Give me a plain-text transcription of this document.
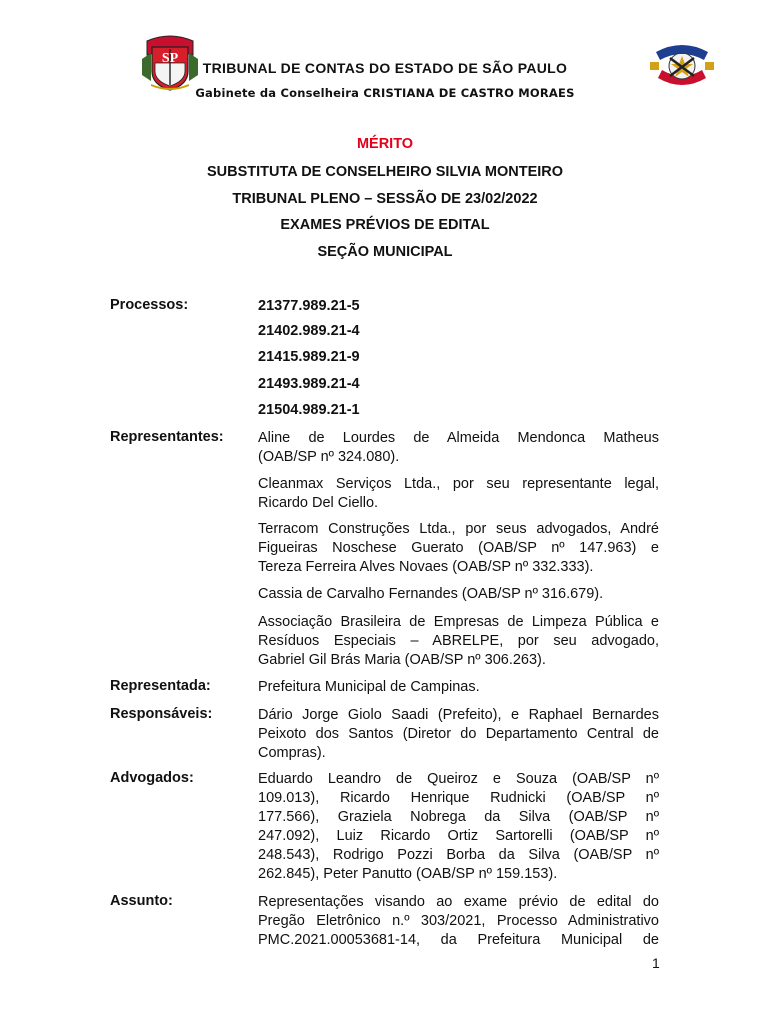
SP
TRIBUNAL DE CONTAS DO ESTADO DE SÃO PAULO
Gabinete da Conselheira CRISTIANA DE CASTRO MORAES
MÉRITO
SUBSTITUTA DE CONSELHEIRO SILVIA MONTEIRO
TRIBUNAL PLENO – SESSÃO DE 23/02/2022
EXAMES PRÉVIOS DE EDITAL
SEÇÃO MUNICIPAL
Processos:	21377.989.21-5
21402.989.21-4
21415.989.21-9
21493.989.21-4
21504.989.21-1
Representantes: Aline de Lourdes de Almeida Mendonca Matheus
(OAB/SP nº 324.080).
Cleanmax Serviços Ltda., por seu representante legal,
Ricardo Del Ciello.
Terracom Construções Ltda., por seus advogados, André
Figueiras Noschese Guerato (OAB/SP nº 147.963) e
Tereza Ferreira Alves Novaes (OAB/SP nº 332.333).
Cassia de Carvalho Fernandes (OAB/SP nº 316.679).
Associação Brasileira de Empresas de Limpeza Pública e
Resíduos Especiais – ABRELPE, por seu advogado,
Gabriel Gil Brás Maria (OAB/SP nº 306.263).
Representada:	Prefeitura Municipal de Campinas.
Responsáveis:	Dário Jorge Giolo Saadi (Prefeito), e Raphael Bernardes
Peixoto dos Santos (Diretor do Departamento Central de
Compras).
Advogados:	Eduardo Leandro de Queiroz e Souza (OAB/SP nº
109.013), Ricardo Henrique Rudnicki (OAB/SP nº
177.566), Graziela Nobrega da Silva (OAB/SP nº
247.092), Luiz Ricardo Ortiz Sartorelli (OAB/SP nº
248.543), Rodrigo Pozzi Borba da Silva (OAB/SP nº
262.845), Peter Panutto (OAB/SP nº 159.153).
Assunto:	Representações visando ao exame prévio de edital do
Pregão Eletrônico n.º 303/2021, Processo Administrativo
PMC.2021.00053681-14, da Prefeitura Municipal de
1
